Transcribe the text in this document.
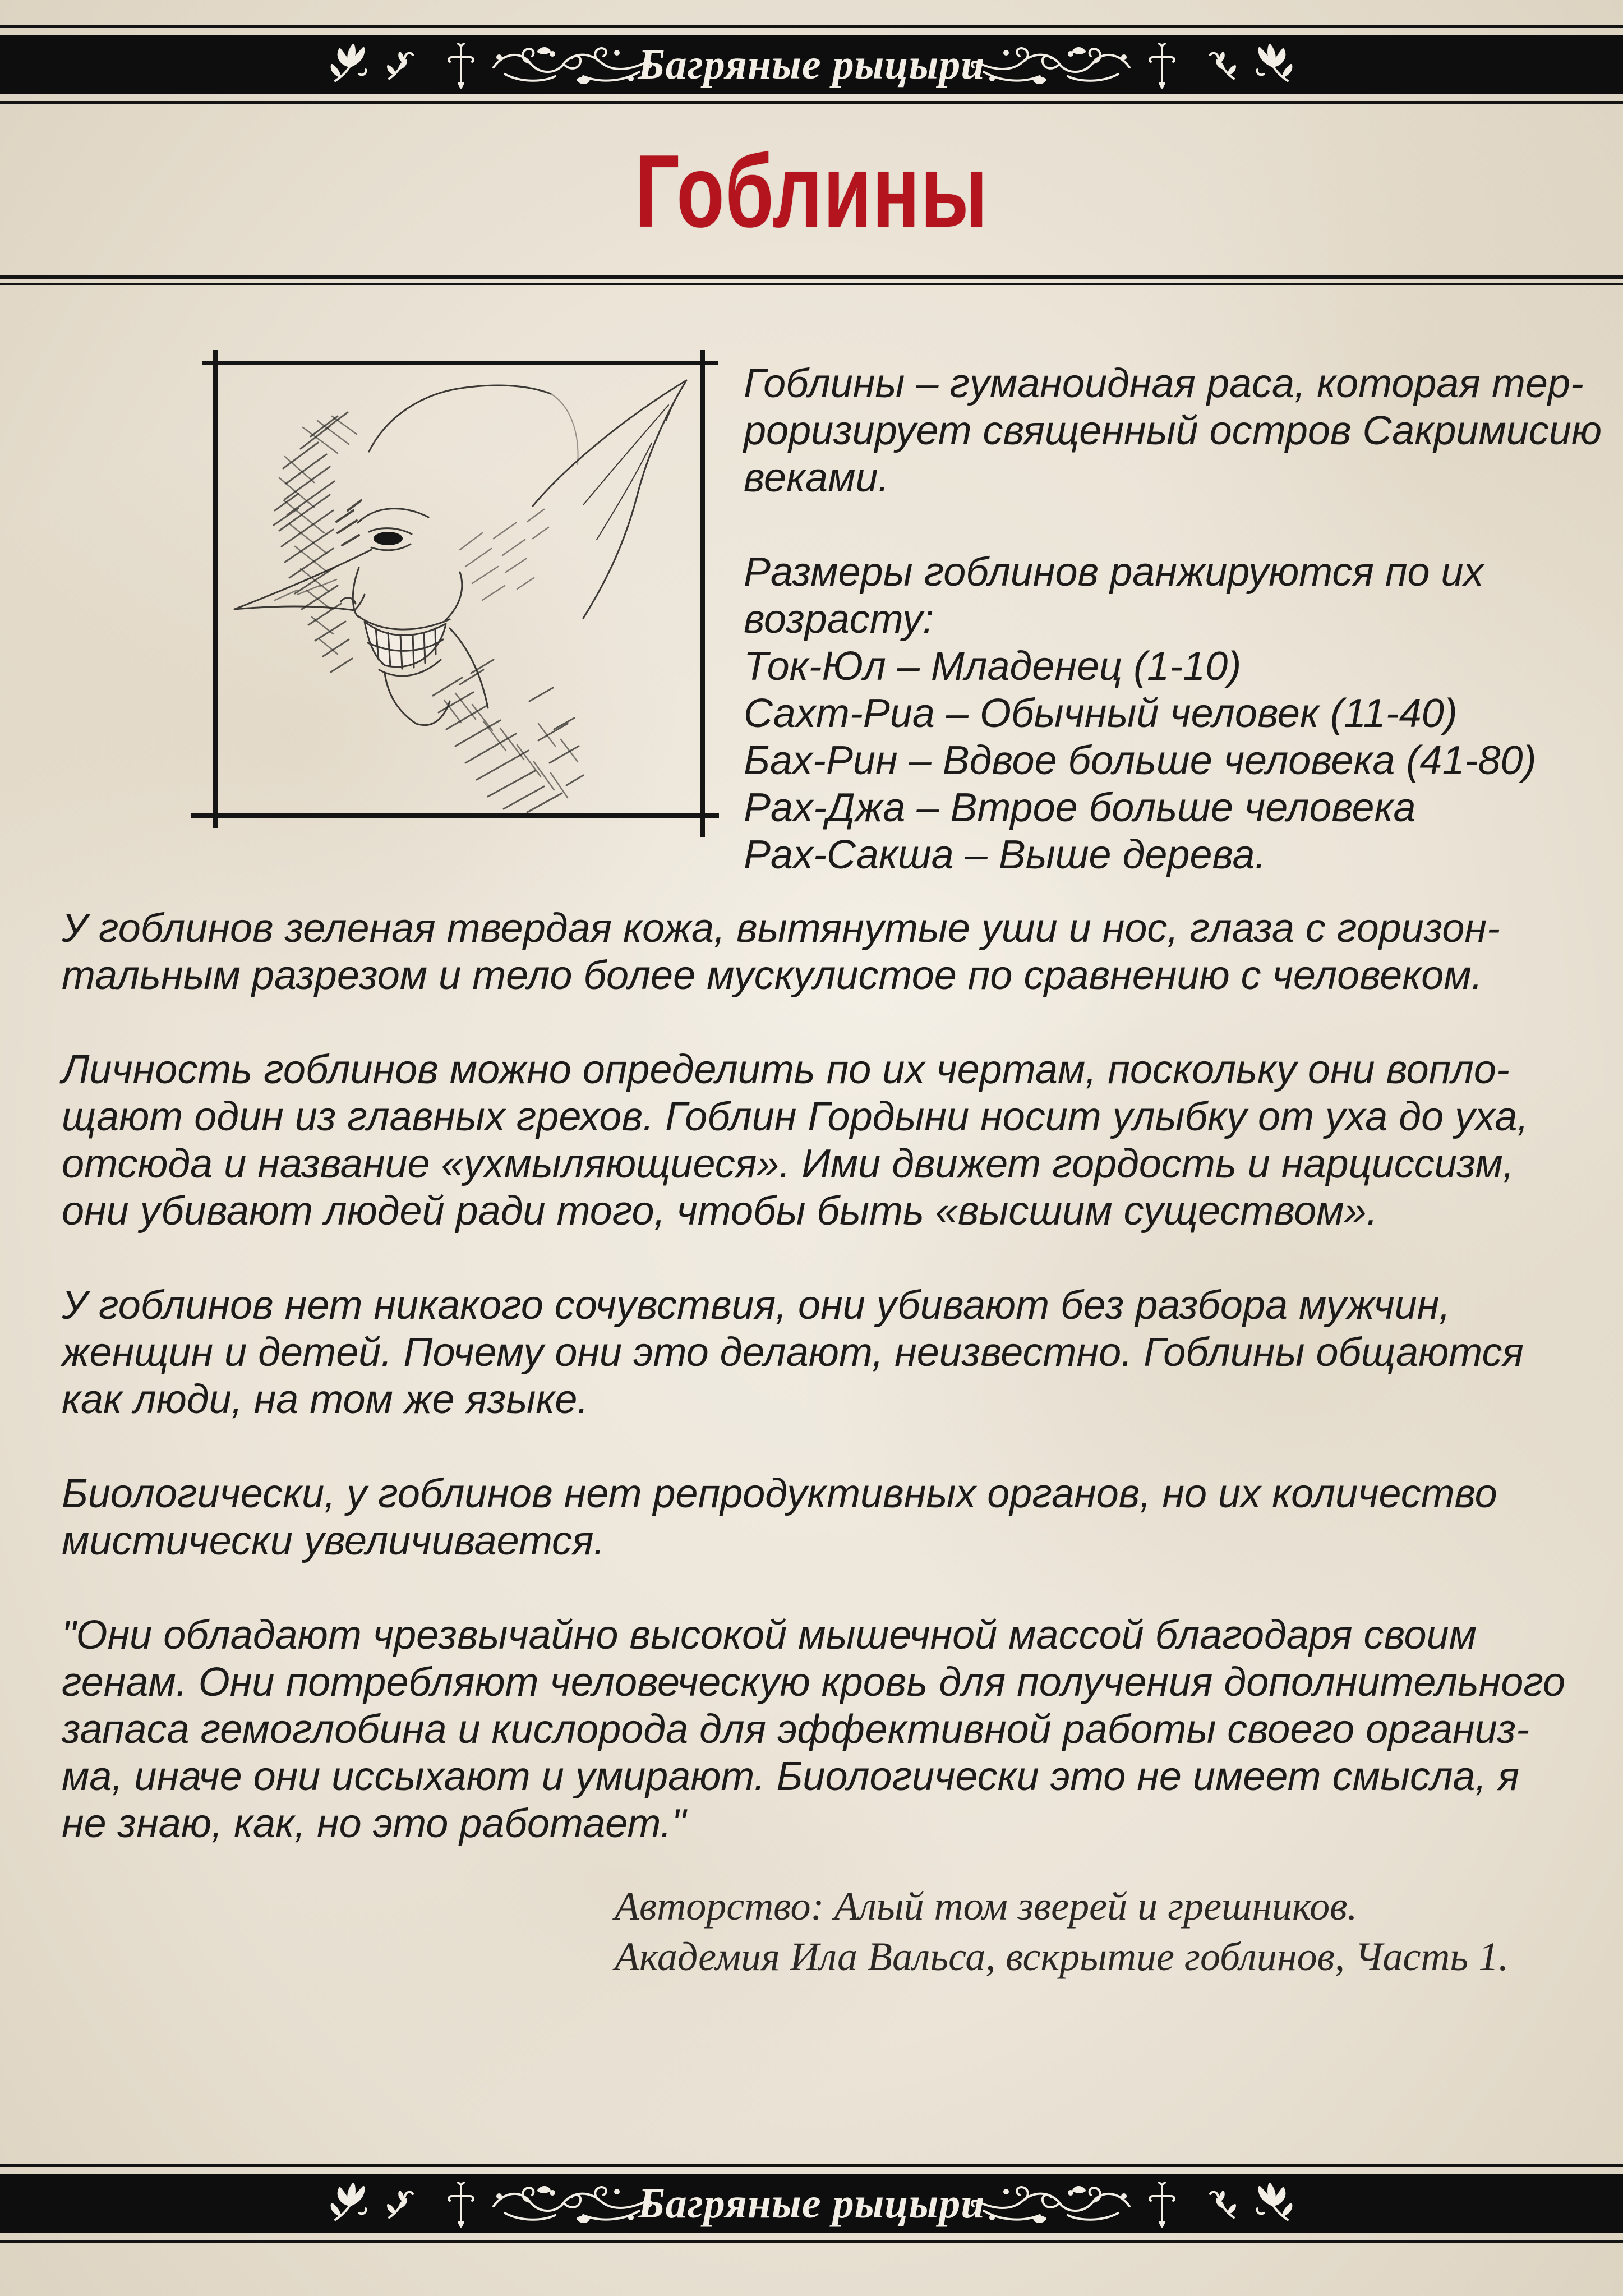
Багряные рыцыри
Гоблины
Гоблины – гуманоидная раса, которая тер-
роризирует священный остров Сакримисию
веками.
Размеры гоблинов ранжируются по их
возрасту:
Ток-Юл – Младенец (1-10)
Сахт-Риа – Обычный человек (11-40)
Бах-Рин – Вдвое больше человека (41-80)
Рах-Джа – Втрое больше человека
Рах-Сакша – Выше дерева.
У гоблинов зеленая твердая кожа, вытянутые уши и нос, глаза с горизон-
тальным разрезом и тело более мускулистое по сравнению с человеком.
Личность гоблинов можно определить по их чертам, поскольку они вопло-
щают один из главных грехов. Гоблин Гордыни носит улыбку от уха до уха,
отсюда и название «ухмыляющиеся». Ими движет гордость и нарциссизм,
они убивают людей ради того, чтобы быть «высшим существом».
У гоблинов нет никакого сочувствия, они убивают без разбора мужчин,
женщин и детей. Почему они это делают, неизвестно. Гоблины общаются
как люди, на том же языке.
Биологически, у гоблинов нет репродуктивных органов, но их количество
мистически увеличивается.
"Они обладают чрезвычайно высокой мышечной массой благодаря своим
генам. Они потребляют человеческую кровь для получения дополнительного
запаса гемоглобина и кислорода для эффективной работы своего организ-
ма, иначе они иссыхают и умирают. Биологически это не имеет смысла, я
не знаю, как, но это работает."
Авторство: Алый том зверей и грешников.
Академия Ила Вальса, вскрытие гоблинов, Часть 1.
Багряные рыцыри
